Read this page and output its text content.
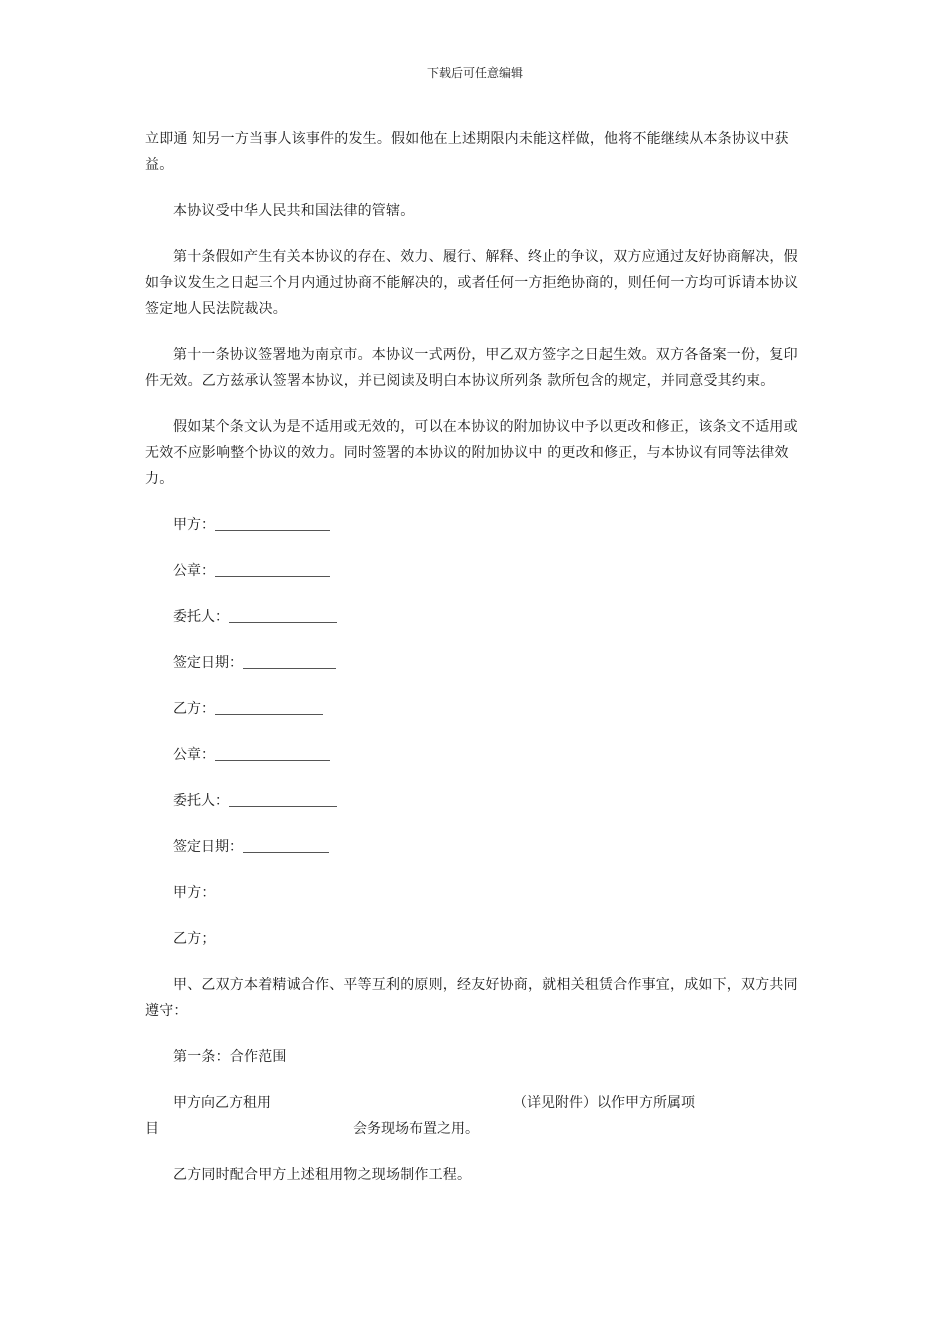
下载后可任意编辑

立即通 知另一方当事人该事件的发生。假如他在上述期限内未能这样做，他将不能继续从本条协议中获益。

本协议受中华人民共和国法律的管辖。

第十条假如产生有关本协议的存在、效力、履行、解释、终止的争议，双方应通过友好协商解决，假如争议发生之日起三个月内通过协商不能解决的，或者任何一方拒绝协商的，则任何一方均可诉请本协议签定地人民法院裁决。

第十一条协议签署地为南京市。本协议一式两份，甲乙双方签字之日起生效。双方各备案一份，复印件无效。乙方兹承认签署本协议，并已阅读及明白本协议所列条 款所包含的规定，并同意受其约束。

假如某个条文认为是不适用或无效的，可以在本协议的附加协议中予以更改和修正，该条文不适用或无效不应影响整个协议的效力。同时签署的本协议的附加协议中 的更改和修正，与本协议有同等法律效力。

甲方：

公章：

委托人：

签定日期：

乙方：

公章：

委托人：

签定日期：

甲方：

乙方；

甲、乙双方本着精诚合作、平等互利的原则，经友好协商，就相关租赁合作事宜，成如下，双方共同遵守：

第一条：合作范围

甲方向乙方租用	（详见附件）以作甲方所属项
目	会务现场布置之用。

乙方同时配合甲方上述租用物之现场制作工程。
